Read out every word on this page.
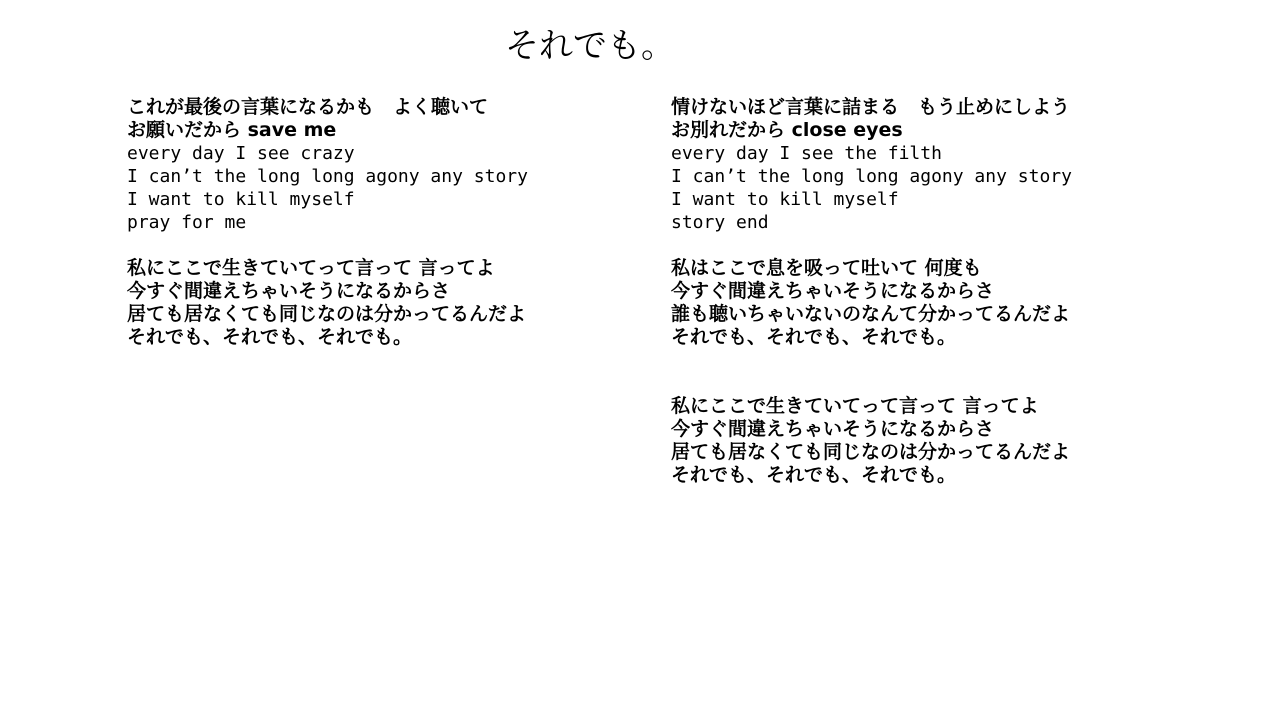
それでも。
これが最後の言葉になるかも　よく聴いて
お願いだから save me
every day I see crazy
I can’t the long long agony any story
I want to kill myself
pray for me
私にここで生きていてって言って 言ってよ
今すぐ間違えちゃいそうになるからさ
居ても居なくても同じなのは分かってるんだよ
それでも、それでも、それでも。
情けないほど言葉に詰まる　もう止めにしよう
お別れだから close eyes
every day I see the filth
I can’t the long long agony any story
I want to kill myself
story end
私はここで息を吸って吐いて 何度も
今すぐ間違えちゃいそうになるからさ
誰も聴いちゃいないのなんて分かってるんだよ
それでも、それでも、それでも。
私にここで生きていてって言って 言ってよ
今すぐ間違えちゃいそうになるからさ
居ても居なくても同じなのは分かってるんだよ
それでも、それでも、それでも。
